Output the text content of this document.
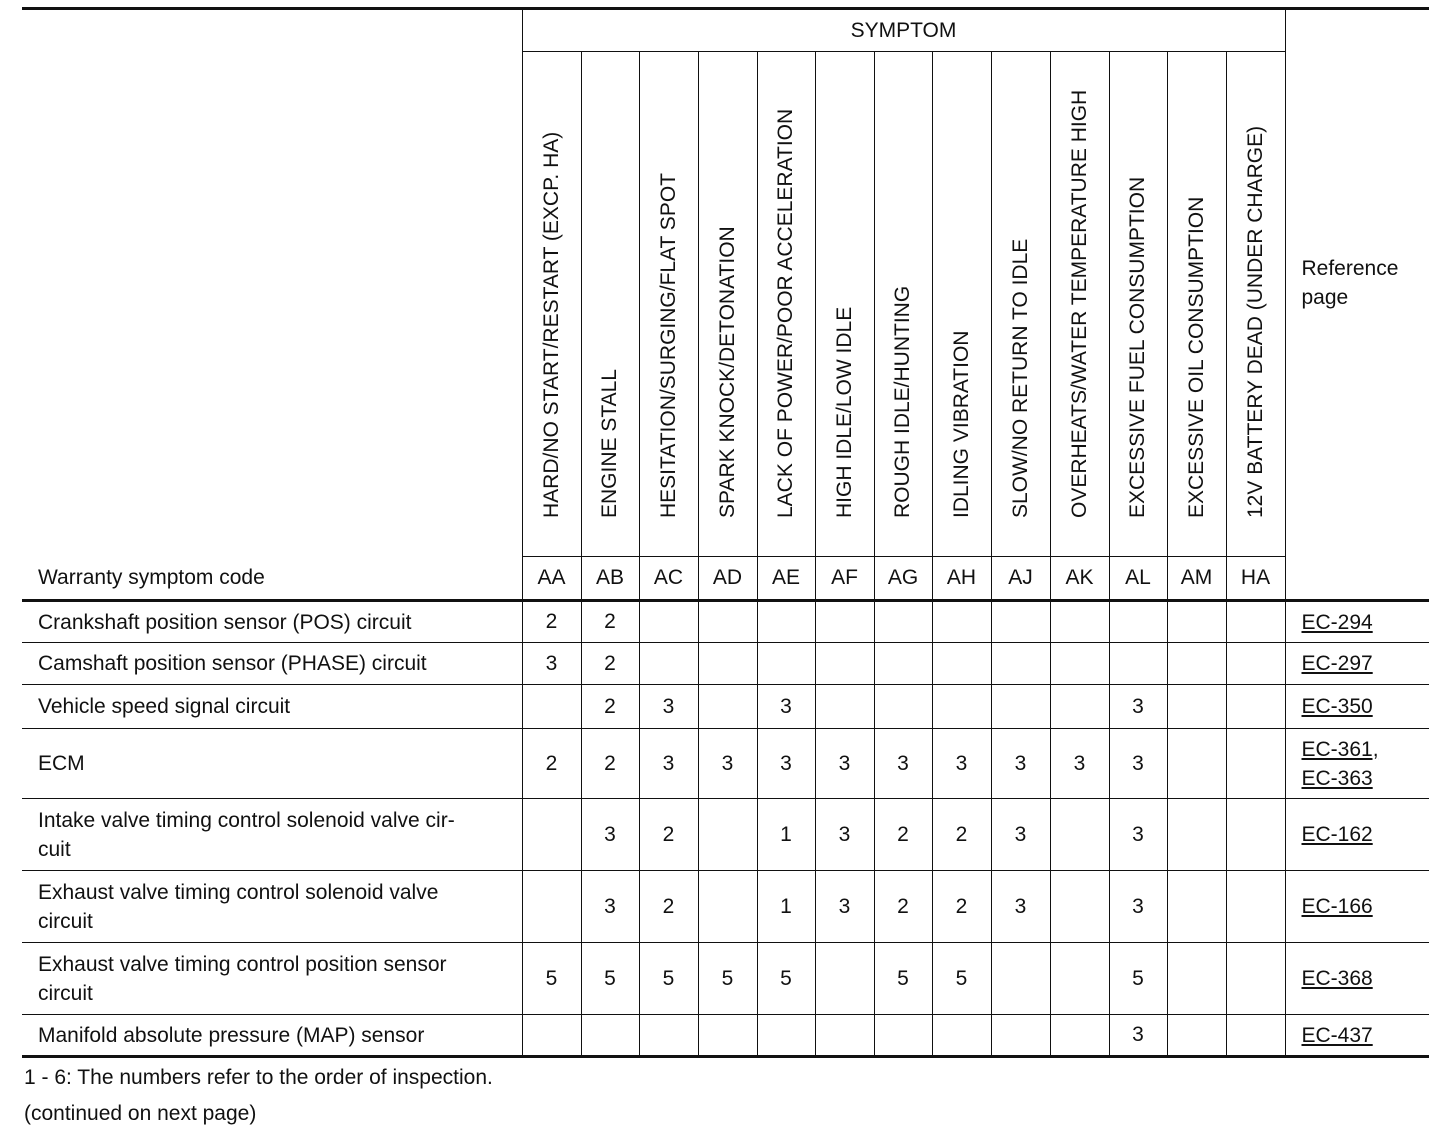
	SYMPTOM													Reference page

	HARD/NO START/RESTART (EXCP. HA)	ENGINE STALL	HESITATION/SURGING/FLAT SPOT	SPARK KNOCK/DETONATION	LACK OF POWER/POOR ACCELERATION	HIGH IDLE/LOW IDLE	ROUGH IDLE/HUNTING	IDLING VIBRATION	SLOW/NO RETURN TO IDLE	OVERHEATS/WATER TEMPERATURE HIGH	EXCESSIVE FUEL CONSUMPTION	EXCESSIVE OIL CONSUMPTION	12V BATTERY DEAD (UNDER CHARGE)	

Warranty symptom code	AA	AB	AC	AD	AE	AF	AG	AH	AJ	AK	AL	AM	HA	
Crankshaft position sensor (POS) circuit	2	2												EC-294

Camshaft position sensor (PHASE) circuit	3	2												EC-297

Vehicle speed signal circuit		2	3		3						3			EC-350

ECM	2	2	3	3	3	3	3	3	3	3	3			EC-361,
EC-363

Intake valve timing control solenoid valve cir-
cuit		3	2		1	3	2	2	3		3			EC-162

Exhaust valve timing control solenoid valve
circuit		3	2		1	3	2	2	3		3			EC-166

Exhaust valve timing control position sensor
circuit	5	5	5	5	5		5	5			5			EC-368

Manifold absolute pressure (MAP) sensor											3			EC-437
1 - 6: The numbers refer to the order of inspection.
(continued on next page)
